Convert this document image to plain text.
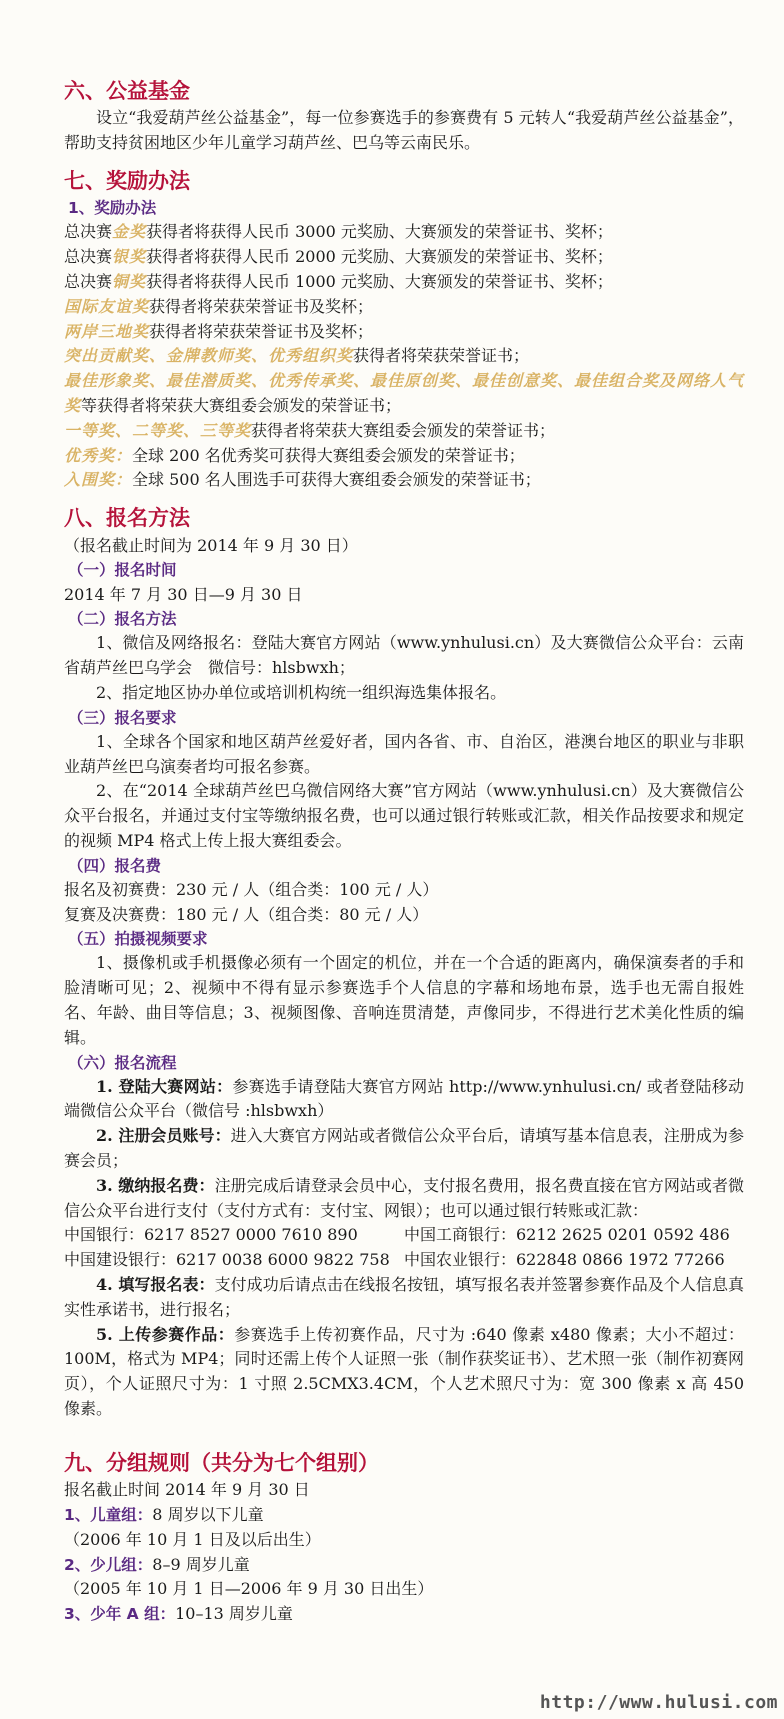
六、公益基金

设立“我爱葫芦丝公益基金”，每一位参赛选手的参赛费有 5 元转人“我爱葫芦丝公益基金”，帮助支持贫困地区少年儿童学习葫芦丝、巴乌等云南民乐。

七、奖励办法
1、奖励办法
总决赛金奖获得者将获得人民币 3000 元奖励、大赛颁发的荣誉证书、奖杯；
总决赛银奖获得者将获得人民币 2000 元奖励、大赛颁发的荣誉证书、奖杯；
总决赛铜奖获得者将获得人民币 1000 元奖励、大赛颁发的荣誉证书、奖杯；
国际友谊奖获得者将荣获荣誉证书及奖杯；
两岸三地奖获得者将荣获荣誉证书及奖杯；
突出贡献奖、金牌教师奖、优秀组织奖获得者将荣获荣誉证书；
最佳形象奖、最佳潜质奖、优秀传承奖、最佳原创奖、最佳创意奖、最佳组合奖及网络人气奖等获得者将荣获大赛组委会颁发的荣誉证书；
一等奖、二等奖、三等奖获得者将荣获大赛组委会颁发的荣誉证书；
优秀奖：全球 200 名优秀奖可获得大赛组委会颁发的荣誉证书；
入围奖：全球 500 名人围选手可获得大赛组委会颁发的荣誉证书；
八、报名方法

（报名截止时间为 2014 年 9 月 30 日）

（一）报名时间

2014 年 7 月 30 日—9 月 30 日

（二）报名方法

1、微信及网络报名：登陆大赛官方网站（www.ynhulusi.cn）及大赛微信公众平台：云南省葫芦丝巴乌学会　微信号：hlsbwxh；

2、指定地区协办单位或培训机构统一组织海选集体报名。

（三）报名要求

1、全球各个国家和地区葫芦丝爱好者，国内各省、市、自治区，港澳台地区的职业与非职业葫芦丝巴乌演奏者均可报名参赛。

2、在“2014 全球葫芦丝巴乌微信网络大赛”官方网站（www.ynhulusi.cn）及大赛微信公众平台报名，并通过支付宝等缴纳报名费，也可以通过银行转账或汇款，相关作品按要求和规定的视频 MP4 格式上传上报大赛组委会。

（四）报名费

报名及初赛费：230 元 / 人（组合类：100 元 / 人）

复赛及决赛费：180 元 / 人（组合类：80 元 / 人）

（五）拍摄视频要求

1、摄像机或手机摄像必须有一个固定的机位，并在一个合适的距离内，确保演奏者的手和脸清晰可见；2、视频中不得有显示参赛选手个人信息的字幕和场地布景，选手也无需自报姓名、年龄、曲目等信息；3、视频图像、音响连贯清楚，声像同步，不得进行艺术美化性质的编辑。

（六）报名流程

1. 登陆大赛网站：参赛选手请登陆大赛官方网站 http://www.ynhulusi.cn/ 或者登陆移动端微信公众平台（微信号 :hlsbwxh）

2. 注册会员账号：进入大赛官方网站或者微信公众平台后，请填写基本信息表，注册成为参赛会员；

3. 缴纳报名费：注册完成后请登录会员中心，支付报名费用，报名费直接在官方网站或者微信公众平台进行支付（支付方式有：支付宝、网银）；也可以通过银行转账或汇款：

中国银行：6217 8527 0000 7610 890	中国工商银行：6212 2625 0201 0592 486
中国建设银行：6217 0038 6000 9822 758 中国农业银行：622848 0866 1972 77266

4. 填写报名表：支付成功后请点击在线报名按钮，填写报名表并签署参赛作品及个人信息真实性承诺书，进行报名；

5. 上传参赛作品：参赛选手上传初赛作品，尺寸为 :640 像素 x480 像素；大小不超过：100M，格式为 MP4；同时还需上传个人证照一张（制作获奖证书）、艺术照一张（制作初赛网页），个人证照尺寸为：1 寸照 2.5CMX3.4CM，个人艺术照尺寸为：宽 300 像素 x 高 450 像素。

九、分组规则（共分为七个组别）

报名截止时间 2014 年 9 月 30 日

1、儿童组：8 周岁以下儿童

（2006 年 10 月 1 日及以后出生）

2、少儿组：8–9 周岁儿童

（2005 年 10 月 1 日—2006 年 9 月 30 日出生）

3、少年 A 组：10–13 周岁儿童

http://www.hulusi.com
